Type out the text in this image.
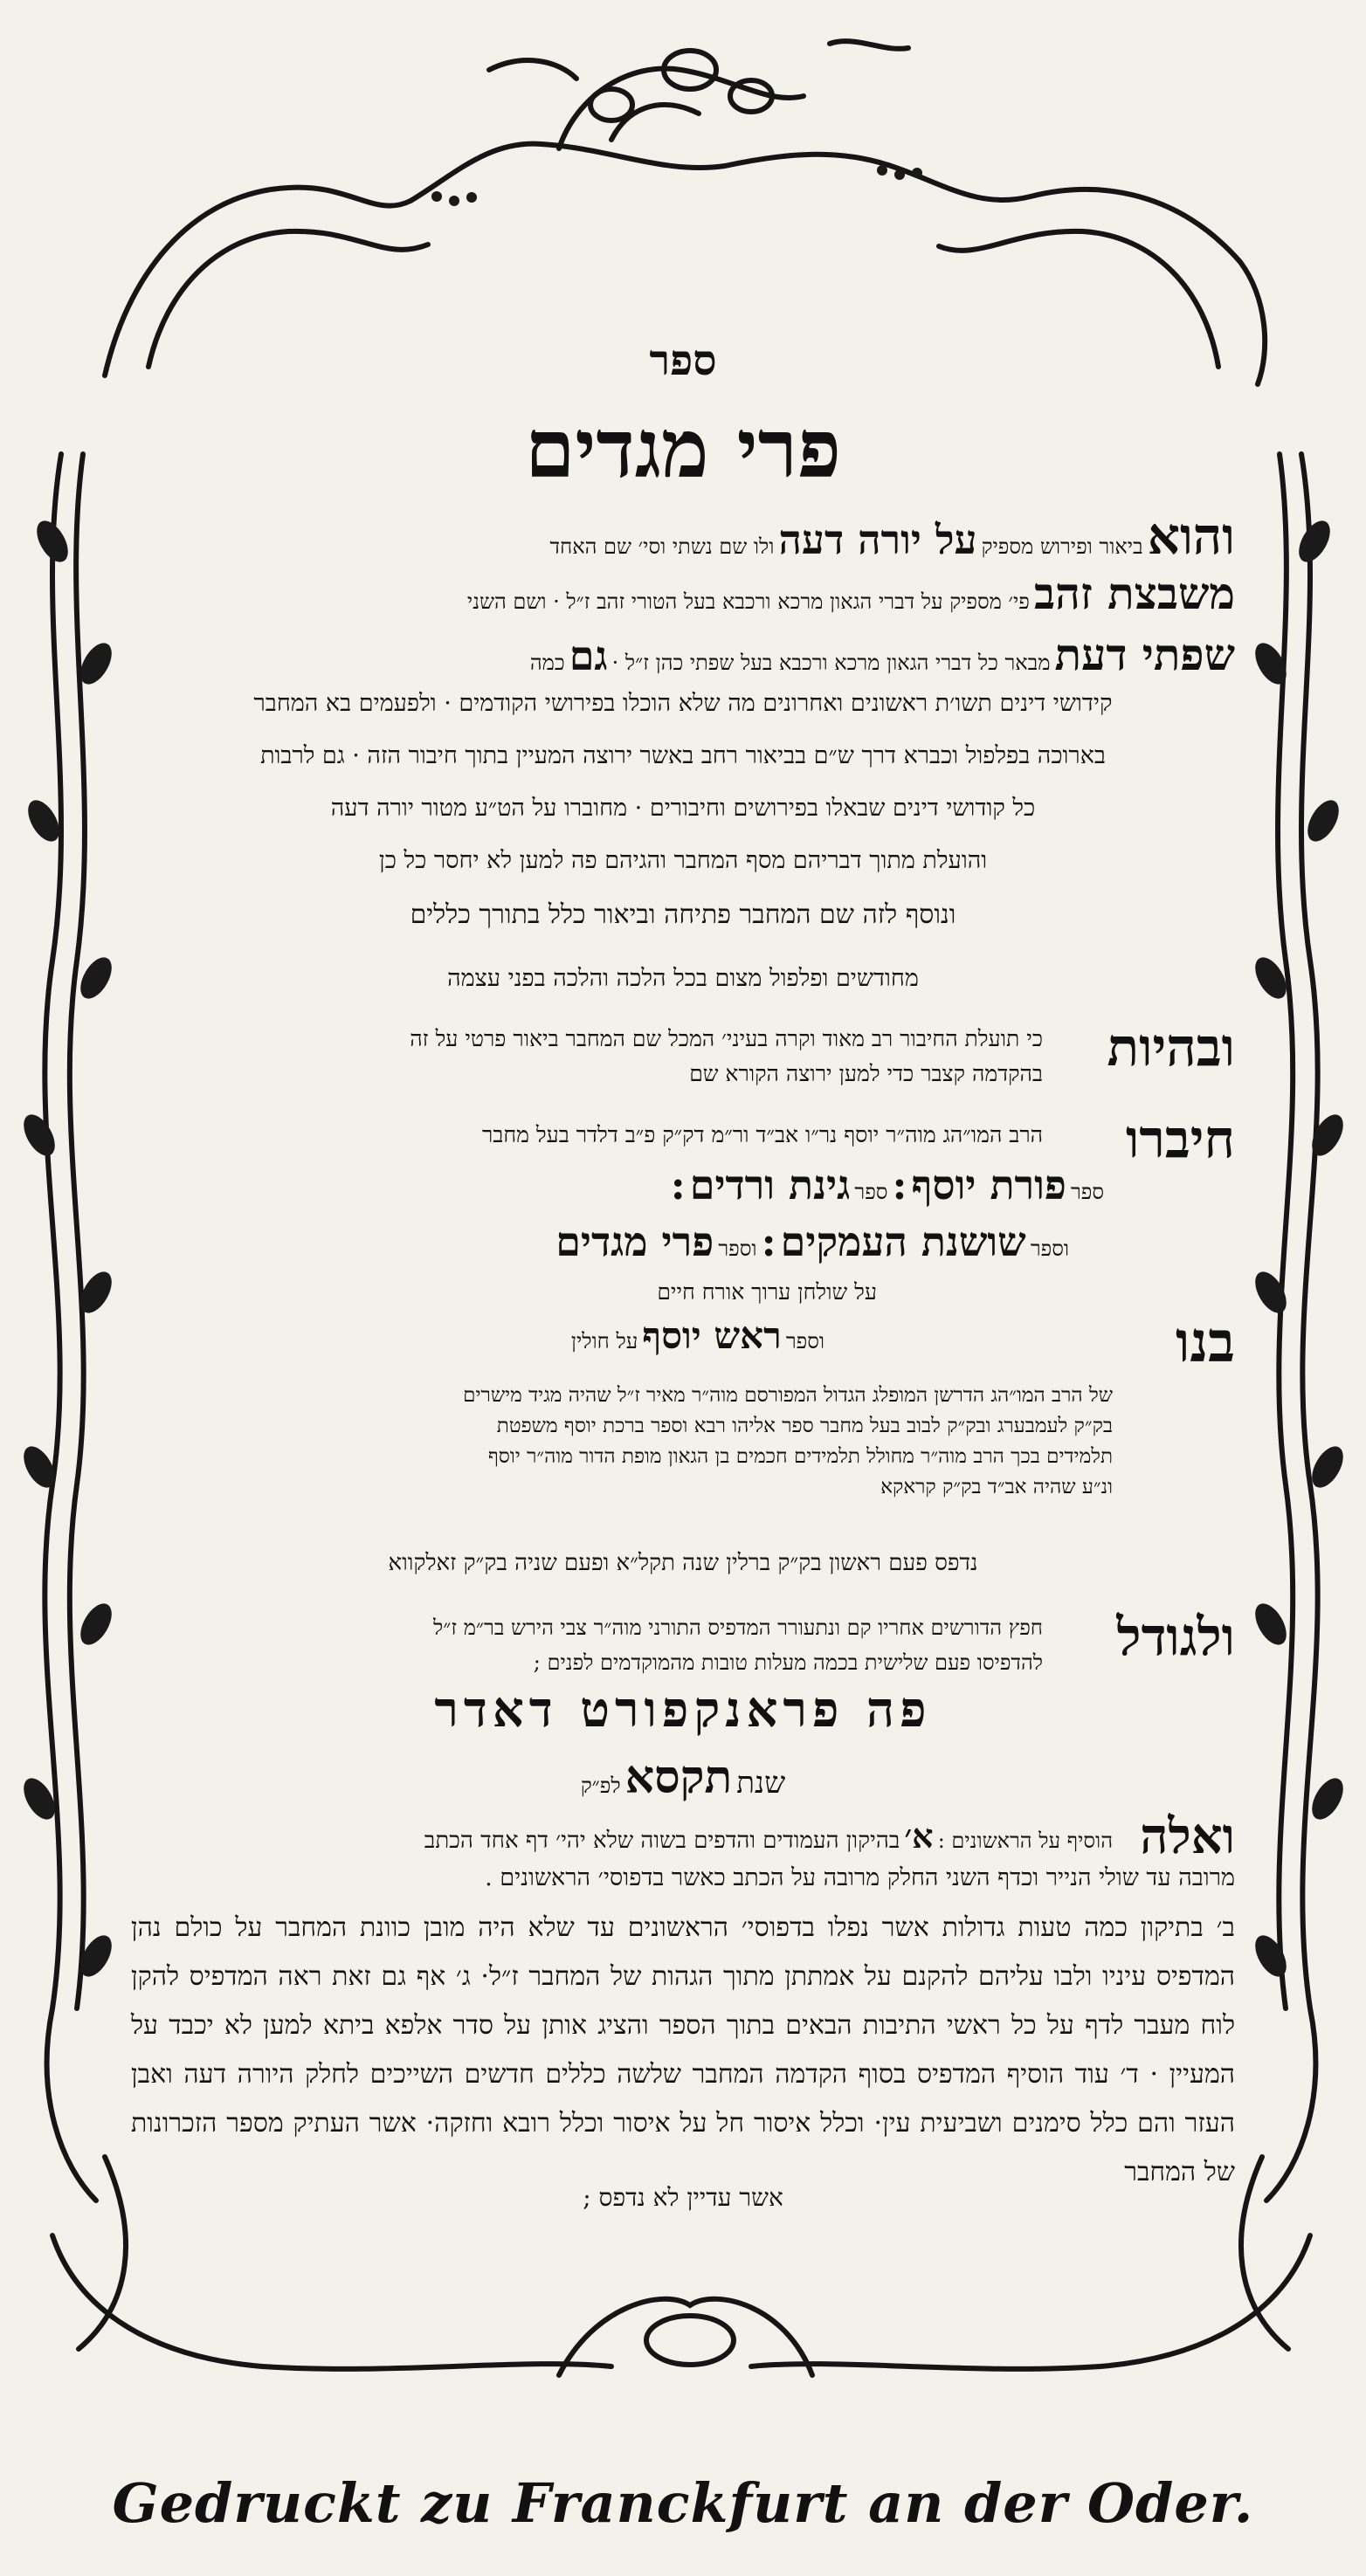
ספר
פרי מגדים
והוא ביאור ופירוש מספיק על יורה דעה ולו שם נשתי וסי׳ שם האחד
משבצת זהב פי׳ מספיק על דברי הגאון מרכא ורכבא בעל הטורי זהב ז״ל · ושם השני
שפתי דעת מבאר כל דברי הגאון מרכא ורכבא בעל שפתי כהן ז״ל · גם כמה
קידושי דינים תשו׳ת ראשונים ואחרונים מה שלא הוכלו בפירושי הקודמים · ולפעמים בא המחבר
בארוכה בפלפול וכברא דרך ש״ם בביאור רחב באשר ירוצה המעיין בתוך חיבור הזה · גם לרבות
כל קודושי דינים שבאלו בפירושים וחיבורים · מחוברו על הט״ע מטור יורה דעה
והועלת מתוך דבריהם מסף המחבר והגיהם פה למען לא יחסר כל כן
ונוסף לזה שם המחבר פתיחה וביאור כלל בתורך כללים
מחודשים ופלפול מצום בכל הלכה והלכה בפני עצמה
ובהיות
כי תועלת החיבור רב מאוד וקרה בעיני׳ המכל שם המחבר ביאור פרטי על זה
בהקדמה קצבר כדי למען ירוצה הקורא שם
חיברו
הרב המו״הג מוה״ר יוסף נר״ו אב״ד ור״מ דק״ק פ״ב דלדר בעל מחבר
ספר פורת יוסף : ספר גינת ורדים :
וספר שושנת העמקים : וספר פרי מגדים
על שולחן ערוך אורח חיים
וספר ראש יוסף על חולין	בנו
של הרב המו״הג הדרשן המופלג הגדול המפורסם מוה״ר מאיר ז״ל שהיה מגיד מישרים
בק״ק לעמבערג ובק״ק לבוב בעל מחבר ספר אליהו רבא וספר ברכת יוסף משפטת
תלמידים בכך הרב מוה״ר מחולל תלמידים חכמים בן הגאון מופת הדור מוה״ר יוסף
ונ״ע שהיה אב״ד בק״ק קראקא
נדפס פעם ראשון בק״ק ברלין שנה תקל״א ופעם שניה בק״ק זאלקווא
ולגודל
חפץ הדורשים אחריו קם ונתעורר המדפיס התורני מוה״ר צבי הירש בר״מ ז״ל
להדפיסו פעם שלישית בכמה מעלות טובות מהמוקדמים לפנים ;
פה פראנקפורט דאדר
שנת תקסא לפ״ק
ואלה
הוסיף על הראשונים : א׳ בהיקון העמודים והדפים בשוה שלא יהי׳ דף אחד הכתב
מרובה עד שולי הנייר וכדף השני החלק מרובה על הכתב כאשר בדפוסי׳ הראשונים .
ב׳ בתיקון כמה טעות גדולות אשר נפלו בדפוסי׳ הראשונים עד שלא היה מובן כוונת המחבר על כולם נהן המדפיס עיניו ולבו עליהם להקנם על אמתתן מתוך הגהות של המחבר ז״ל· ג׳ אף גם זאת ראה המדפיס להקן לוח מעבר לדף על כל ראשי התיבות הבאים בתוך הספר והציג אותן על סדר אלפא ביתא למען לא יכבד על המעיין · ד׳ עוד הוסיף המדפיס בסוף הקדמה המחבר שלשה כללים חדשים השייכים לחלק היורה דעה ואבן העזר והם כלל סימנים ושביעית עין· וכלל איסור חל על איסור וכלל רובא וחזקה· אשר העתיק מספר הזכרונות של המחבר
אשר עדיין לא נדפס ;
Gedruckt zu Franckfurt an der Oder.
